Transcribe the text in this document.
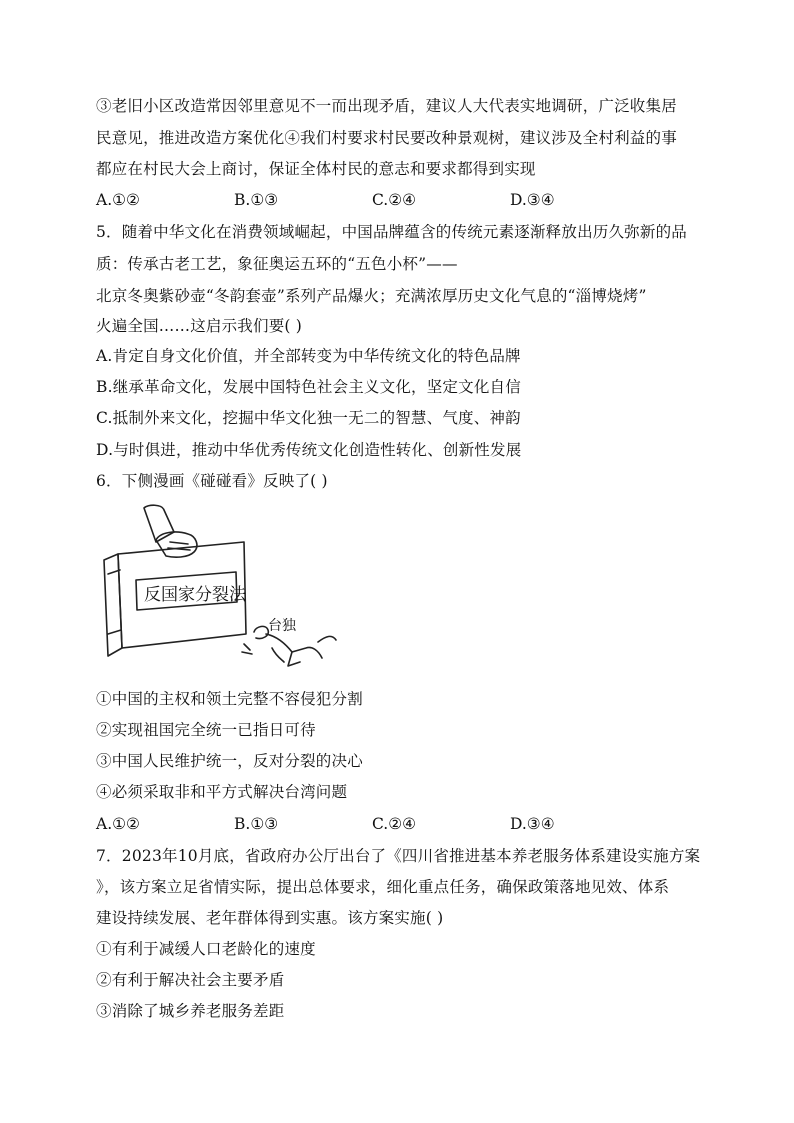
③老旧小区改造常因邻里意见不一而出现矛盾，建议人大代表实地调研，广泛收集居
民意见，推进改造方案优化④我们村要求村民要改种景观树，建议涉及全村利益的事
都应在村民大会上商讨，保证全体村民的意志和要求都得到实现
A.①②	B.①③	C.②④	D.③④
5．随着中华文化在消费领域崛起，中国品牌蕴含的传统元素逐渐释放出历久弥新的品
质：传承古老工艺，象征奥运五环的“五色小杯”——
北京冬奥紫砂壶“冬韵套壶”系列产品爆火；充满浓厚历史文化气息的“淄博烧烤”
火遍全国……这启示我们要( )
A.肯定自身文化价值，并全部转变为中华传统文化的特色品牌
B.继承革命文化，发展中国特色社会主义文化，坚定文化自信
C.抵制外来文化，挖掘中华文化独一无二的智慧、气度、神韵
D.与时俱进，推动中华优秀传统文化创造性转化、创新性发展
6．下侧漫画《碰碰看》反映了( )
反国家分裂法
台独
①中国的主权和领土完整不容侵犯分割
②实现祖国完全统一已指日可待
③中国人民维护统一，反对分裂的决心
④必须采取非和平方式解决台湾问题
A.①②	B.①③	C.②④	D.③④
7．2023年10月底，省政府办公厅出台了《四川省推进基本养老服务体系建设实施方案
》，该方案立足省情实际，提出总体要求，细化重点任务，确保政策落地见效、体系
建设持续发展、老年群体得到实惠。该方案实施( )
①有利于减缓人口老龄化的速度
②有利于解决社会主要矛盾
③消除了城乡养老服务差距
